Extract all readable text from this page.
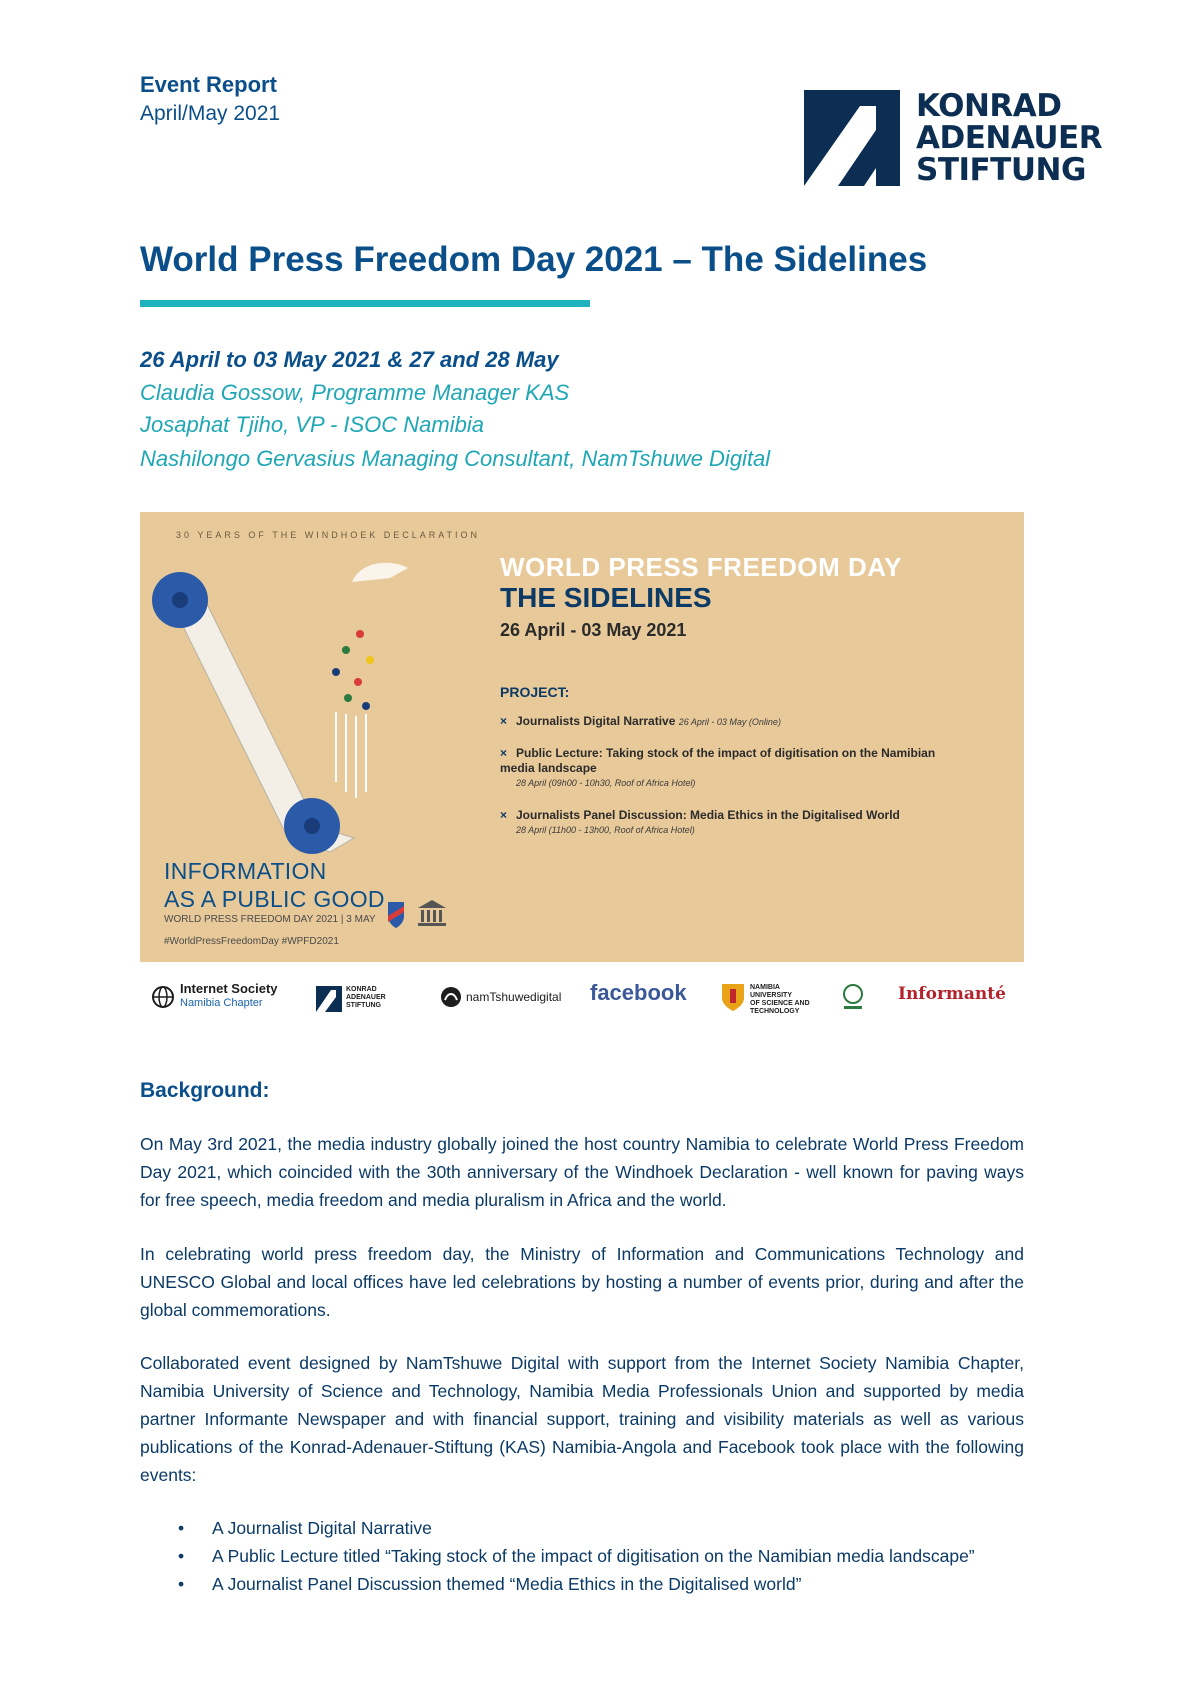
Event Report
April/May 2021	KONRAD
ADENAUER
STIFTUNG
World Press Freedom Day 2021 – The Sidelines
26 April to 03 May 2021 & 27 and 28 May
Claudia Gossow, Programme Manager KAS
Josaphat Tjiho, VP - ISOC Namibia
Nashilongo Gervasius Managing Consultant, NamTshuwe Digital
30 YEARS OF THE WINDHOEK DECLARATION
WORLD PRESS FREEDOM DAY
THE SIDELINES
26 April - 03 May 2021
PROJECT:
× Journalists Digital Narrative 26 April - 03 May (Online)
× Public Lecture: Taking stock of the impact of digitisation on the Namibian media landscape
28 April (09h00 - 10h30, Roof of Africa Hotel)
× Journalists Panel Discussion: Media Ethics in the Digitalised World
28 April (11h00 - 13h00, Roof of Africa Hotel)
INFORMATION
AS A PUBLIC GOOD
WORLD PRESS FREEDOM DAY 2021 | 3 MAY
#WorldPressFreedomDay #WPFD2021
Internet Society
Namibia Chapter
KONRAD
ADENAUER
STIFTUNG
namTshuwedigital facebook	NAMIBIA
UNIVERSITY
OF SCIENCE AND
TECHNOLOGY
Informanté
Background:
On May 3rd 2021, the media industry globally joined the host country Namibia to celebrate World Press Freedom Day 2021, which coincided with the 30th anniversary of the Windhoek Declaration - well known for paving ways for free speech, media freedom and media pluralism in Africa and the world.
In celebrating world press freedom day, the Ministry of Information and Communications Technology and UNESCO Global and local offices have led celebrations by hosting a number of events prior, during and after the global commemorations.
Collaborated event designed by NamTshuwe Digital with support from the Internet Society Namibia Chapter, Namibia University of Science and Technology, Namibia Media Professionals Union and supported by media partner Informante Newspaper and with financial support, training and visibility materials as well as various publications of the Konrad-Adenauer-Stiftung (KAS) Namibia-Angola and Facebook took place with the following events:
• A Journalist Digital Narrative
• A Public Lecture titled “Taking stock of the impact of digitisation on the Namibian media landscape”
• A Journalist Panel Discussion themed “Media Ethics in the Digitalised world”
